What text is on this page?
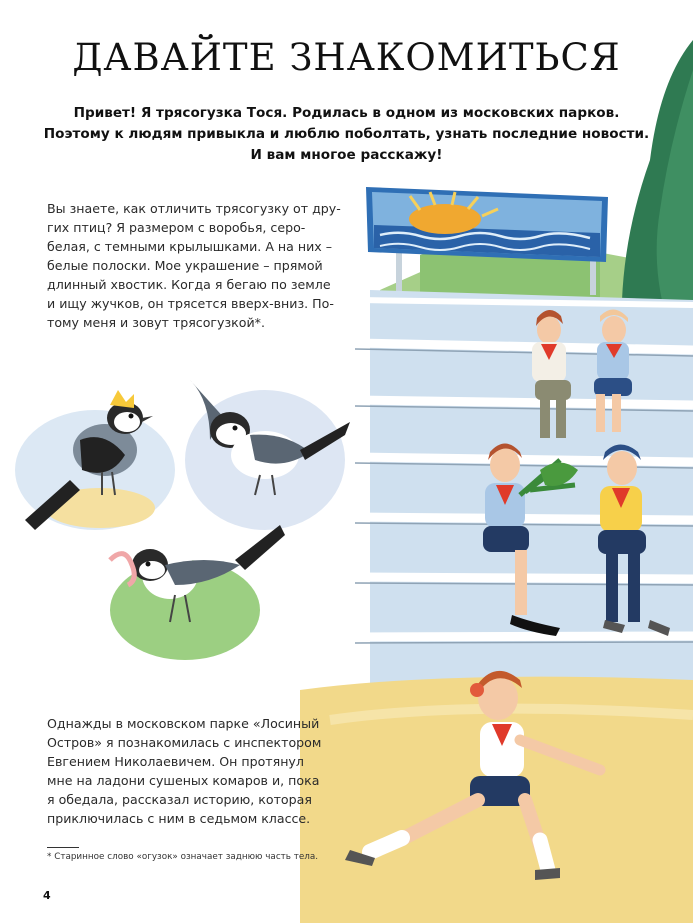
ДАВАЙТЕ ЗНАКОМИТЬСЯ
Привет! Я трясогузка Тося. Родилась в одном из московских парков.
Поэтому к людям привыкла и люблю поболтать, узнать последние новости.
И вам многое расскажу!
Вы знаете, как отличить трясогузку от дру-
гих птиц? Я размером с воробья, серо-
белая, с темными крылышками. А на них –
белые полоски. Мое украшение – прямой
длинный хвостик. Когда я бегаю по земле
и ищу жучков, он трясется вверх-вниз. По-
тому меня и зовут трясогузкой*.
Однажды в московском парке «Лосиный
Остров» я познакомилась с инспектором
Евгением Николаевичем. Он протянул
мне на ладони сушеных комаров и, пока
я обедала, рассказал историю, которая
приключилась с ним в седьмом классе.
* Старинное слово «огузок» означает заднюю часть тела.
4
